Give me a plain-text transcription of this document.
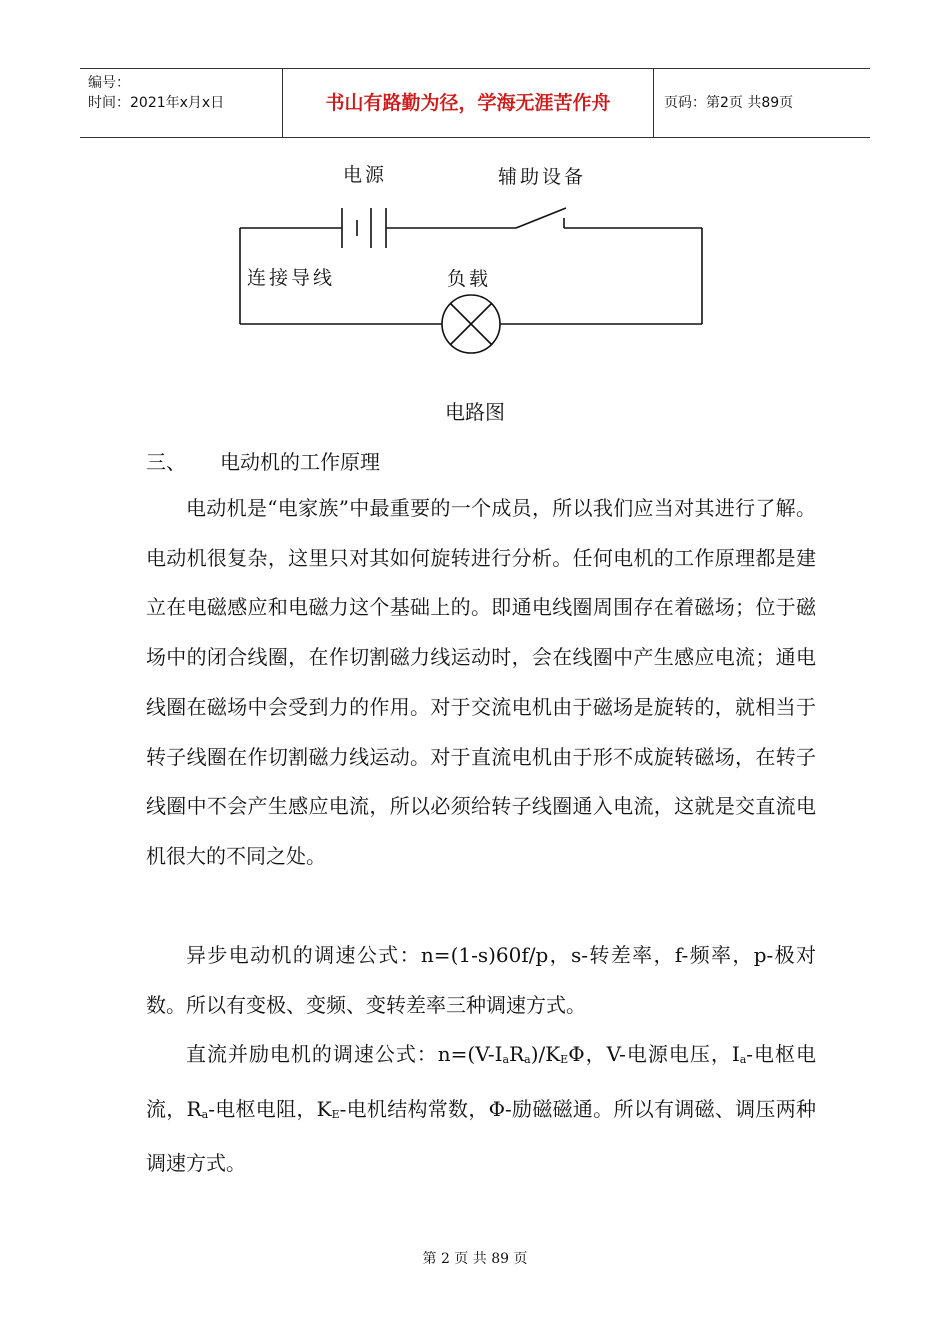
编号：
时间：2021年x月x日	书山有路勤为径，学海无涯苦作舟	页码：第2页 共89页
电源	辅助设备
连接导线	负载
电路图
三、 电动机的工作原理

电动机是“电家族”中最重要的一个成员，所以我们应当对其进行了解。电动机很复杂，这里只对其如何旋转进行分析。任何电机的工作原理都是建立在电磁感应和电磁力这个基础上的。即通电线圈周围存在着磁场；位于磁场中的闭合线圈，在作切割磁力线运动时，会在线圈中产生感应电流；通电线圈在磁场中会受到力的作用。对于交流电机由于磁场是旋转的，就相当于转子线圈在作切割磁力线运动。对于直流电机由于形不成旋转磁场，在转子线圈中不会产生感应电流，所以必须给转子线圈通入电流，这就是交直流电机很大的不同之处。

异步电动机的调速公式：n=(1-s)60f/p，s-转差率，f-频率，p-极对数。所以有变极、变频、变转差率三种调速方式。

直流并励电机的调速公式：$n=(V-I_aR_a)/K_E\Phi$，V-电源电压，$I_a-$电枢电流，$R_a-$电枢电阻，$K_E-$电机结构常数，Φ-励磁磁通。所以有调磁、调压两种调速方式。

第 2 页 共 89 页
